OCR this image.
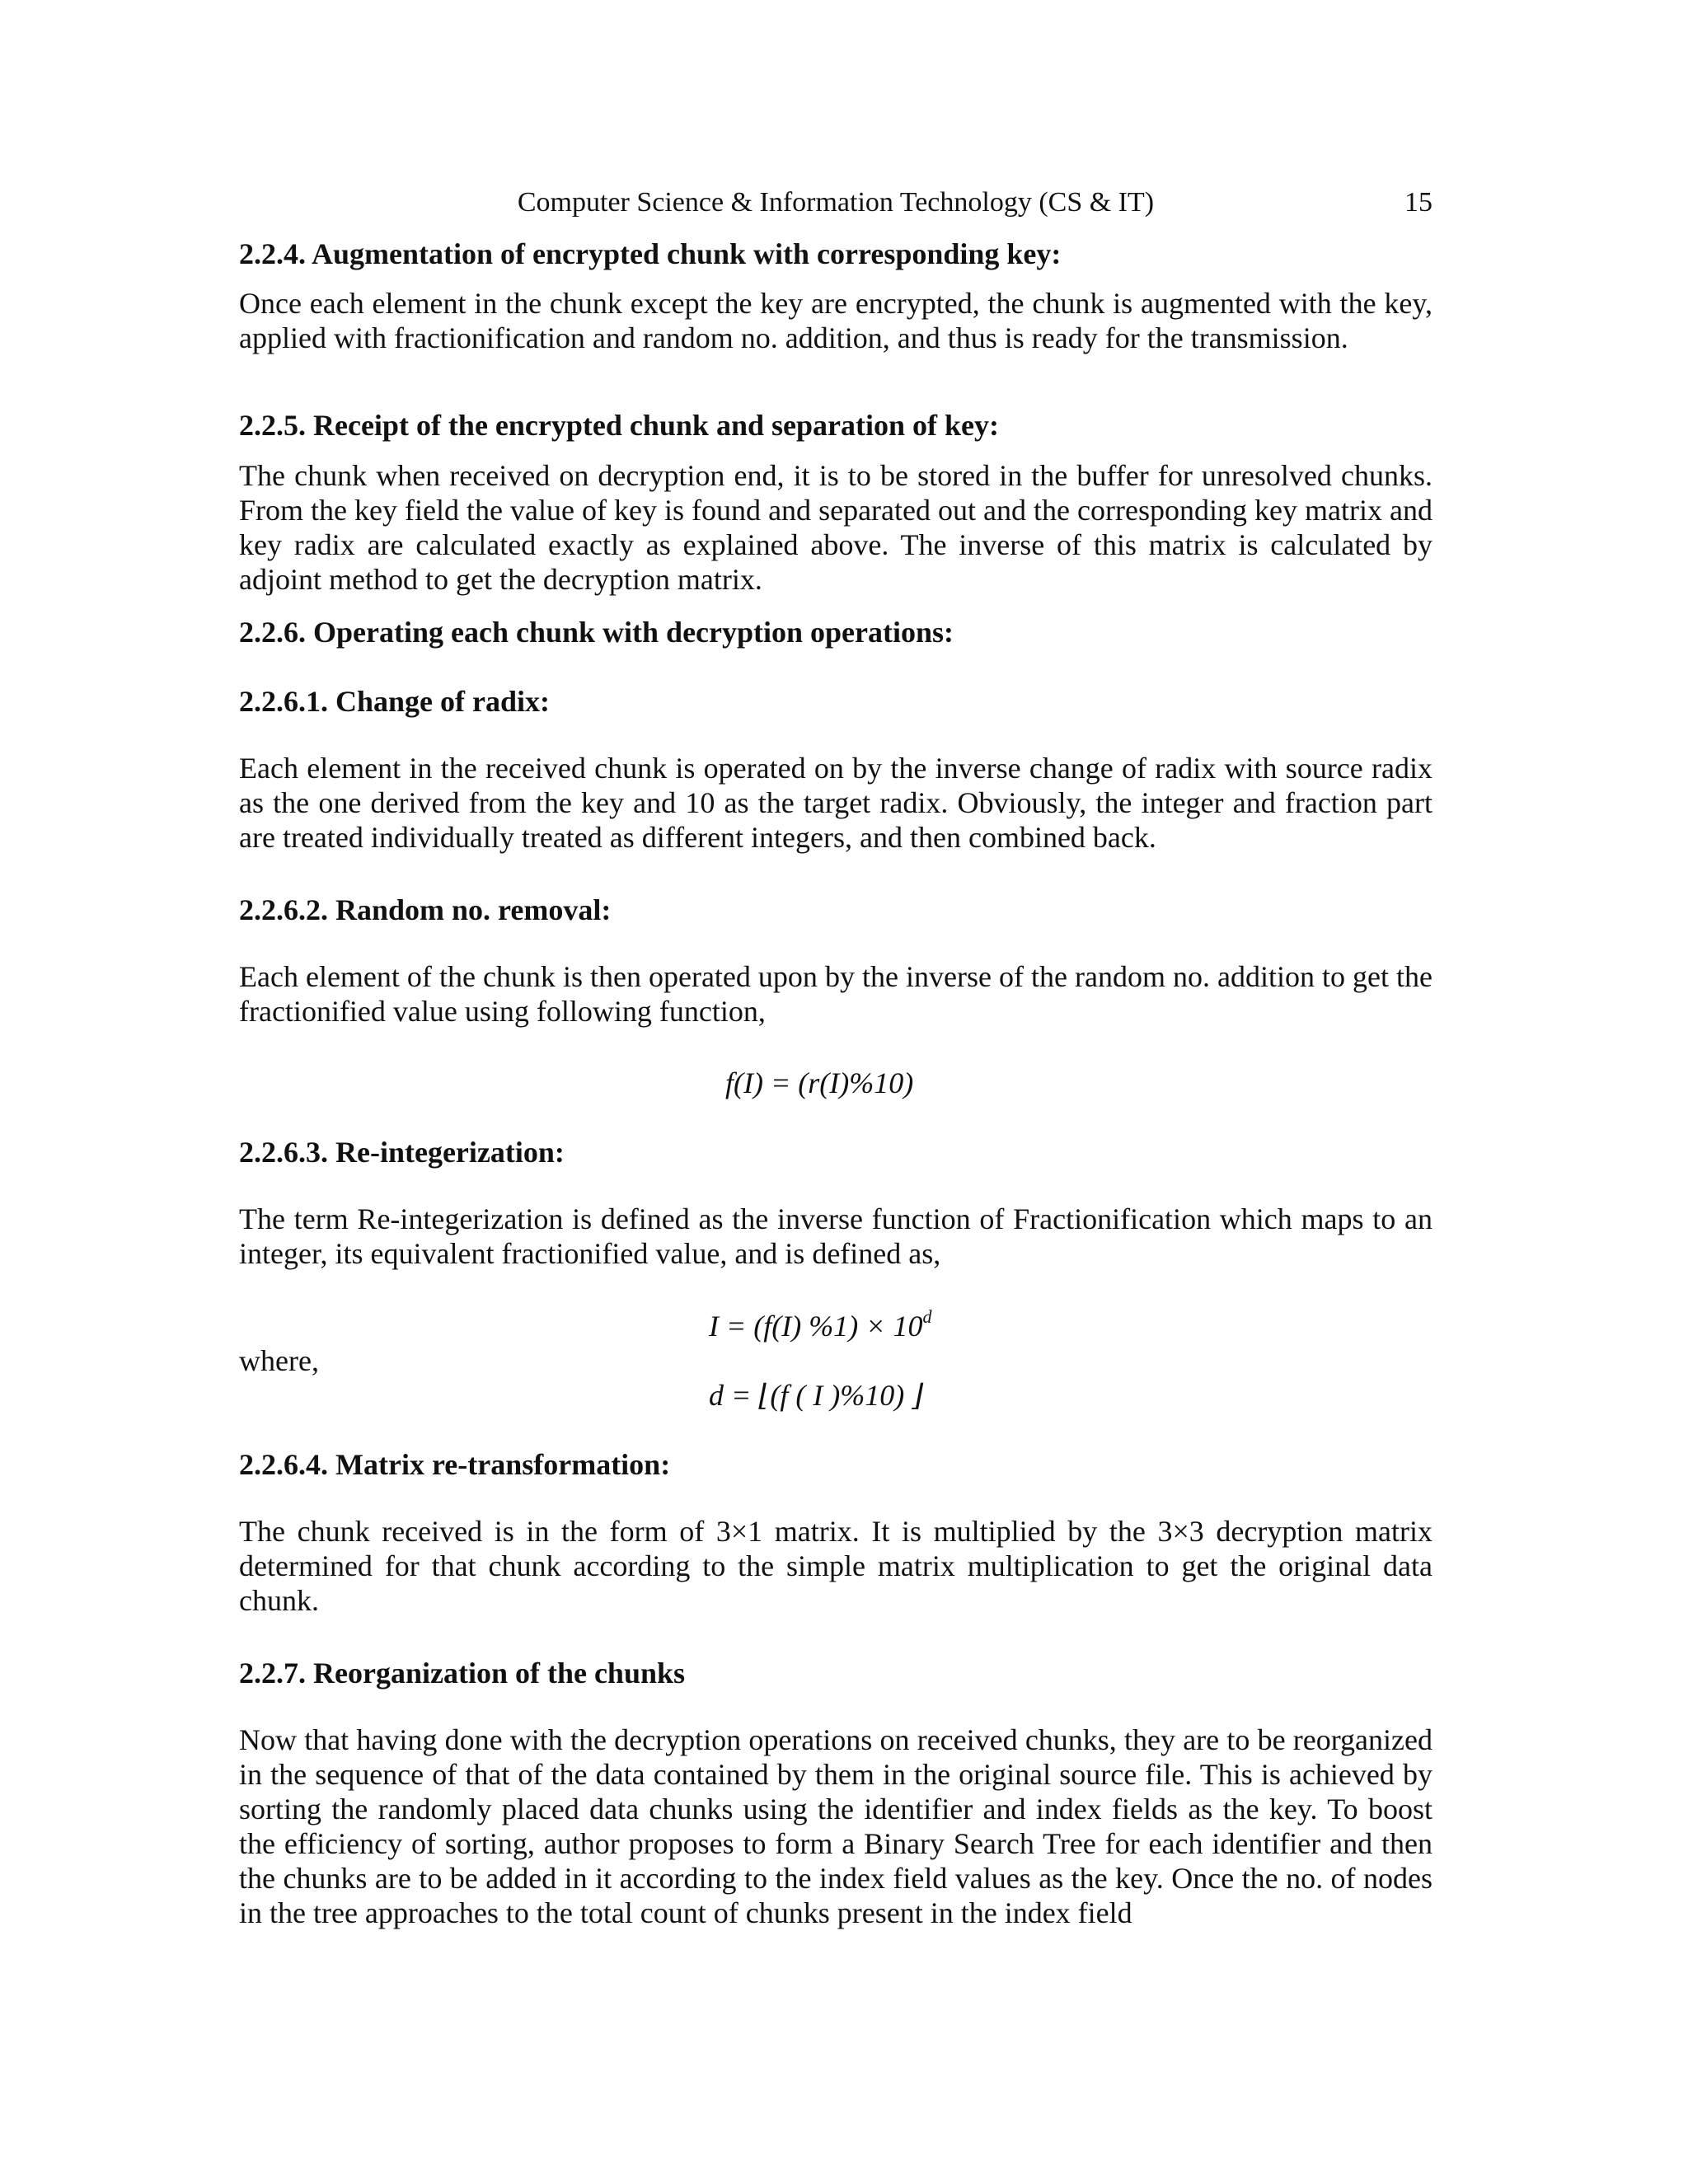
Computer Science & Information Technology (CS & IT)	15
2.2.4. Augmentation of encrypted chunk with corresponding key:
Once each element in the chunk except the key are encrypted, the chunk is augmented with the key, applied with fractionification and random no. addition, and thus is ready for the transmission.
2.2.5. Receipt of the encrypted chunk and separation of key:
The chunk when received on decryption end, it is to be stored in the buffer for unresolved chunks. From the key field the value of key is found and separated out and the corresponding key matrix and key radix are calculated exactly as explained above. The inverse of this matrix is calculated by adjoint method to get the decryption matrix.
2.2.6. Operating each chunk with decryption operations:
2.2.6.1. Change of radix:
Each element in the received chunk is operated on by the inverse change of radix with source radix as the one derived from the key and 10 as the target radix. Obviously, the integer and fraction part are treated individually treated as different integers, and then combined back.
2.2.6.2. Random no. removal:
Each element of the chunk is then operated upon by the inverse of the random no. addition to get the fractionified value using following function,
f(I) = (r(I)%10)
2.2.6.3. Re-integerization:
The term Re-integerization is defined as the inverse function of Fractionification which maps to an integer, its equivalent fractionified value, and is defined as,
I = (f(I) $\%1) \times 10^d$
where,
d = ⌊(f ( I )%10) ⌋
2.2.6.4. Matrix re-transformation:
The chunk received is in the form of 3×1 matrix. It is multiplied by the 3×3 decryption matrix determined for that chunk according to the simple matrix multiplication to get the original data chunk.
2.2.7. Reorganization of the chunks
Now that having done with the decryption operations on received chunks, they are to be reorganized in the sequence of that of the data contained by them in the original source file. This is achieved by sorting the randomly placed data chunks using the identifier and index fields as the key. To boost the efficiency of sorting, author proposes to form a Binary Search Tree for each identifier and then the chunks are to be added in it according to the index field values as the key. Once the no. of nodes in the tree approaches to the total count of chunks present in the index field
